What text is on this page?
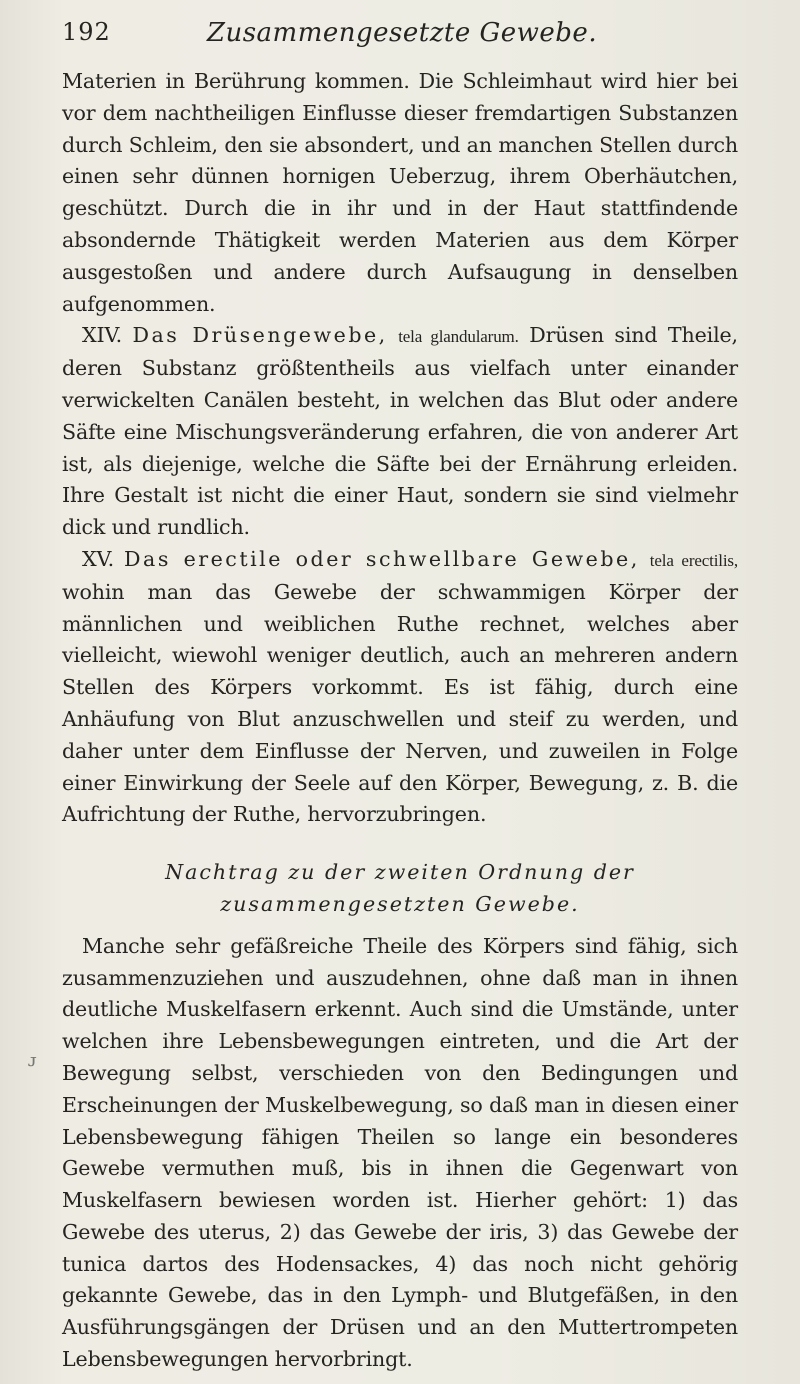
192	Zusammengesetzte Gewebe.

Materien in Berührung kommen. Die Schleimhaut wird hier bei vor dem nachtheiligen Einflusse dieser fremdartigen Substanzen durch Schleim, den sie absondert, und an manchen Stellen durch einen sehr dünnen hornigen Ueberzug, ihrem Oberhäutchen, geschützt. Durch die in ihr und in der Haut stattfindende absondernde Thätigkeit werden Materien aus dem Körper ausgestoßen und andere durch Aufsaugung in denselben aufgenommen.

XIV. Das Drüsengewebe, tela glandularum. Drüsen sind Theile, deren Substanz größtentheils aus vielfach unter einander verwickelten Canälen besteht, in welchen das Blut oder andere Säfte eine Mischungsveränderung erfahren, die von anderer Art ist, als diejenige, welche die Säfte bei der Ernährung erleiden. Ihre Gestalt ist nicht die einer Haut, sondern sie sind vielmehr dick und rundlich.

XV. Das erectile oder schwellbare Gewebe, tela erectilis, wohin man das Gewebe der schwammigen Körper der männlichen und weiblichen Ruthe rechnet, welches aber vielleicht, wiewohl weniger deutlich, auch an mehreren andern Stellen des Körpers vorkommt. Es ist fähig, durch eine Anhäufung von Blut anzuschwellen und steif zu werden, und daher unter dem Einflusse der Nerven, und zuweilen in Folge einer Einwirkung der Seele auf den Körper, Bewegung, z. B. die Aufrichtung der Ruthe, hervorzubringen.

Nachtrag zu der zweiten Ordnung der zusammengesetzten Gewebe.

Manche sehr gefäßreiche Theile des Körpers sind fähig, sich zusammenzuziehen und auszudehnen, ohne daß man in ihnen deutliche Muskelfasern erkennt. Auch sind die Umstände, unter welchen ihre Lebensbewegungen eintreten, und die Art der Bewegung selbst, verschieden von den Bedingungen und Erscheinungen der Muskelbewegung, so daß man in diesen einer Lebensbewegung fähigen Theilen so lange ein besonderes Gewebe vermuthen muß, bis in ihnen die Gegenwart von Muskelfasern bewiesen worden ist. Hierher gehört: 1) das Gewebe des uterus, 2) das Gewebe der iris, 3) das Gewebe der tunica dartos des Hodensackes, 4) das noch nicht gehörig gekannte Gewebe, das in den Lymph- und Blutgefäßen, in den Ausführungsgängen der Drüsen und an den Muttertrompeten Lebensbewegungen hervorbringt.

ᴊ
